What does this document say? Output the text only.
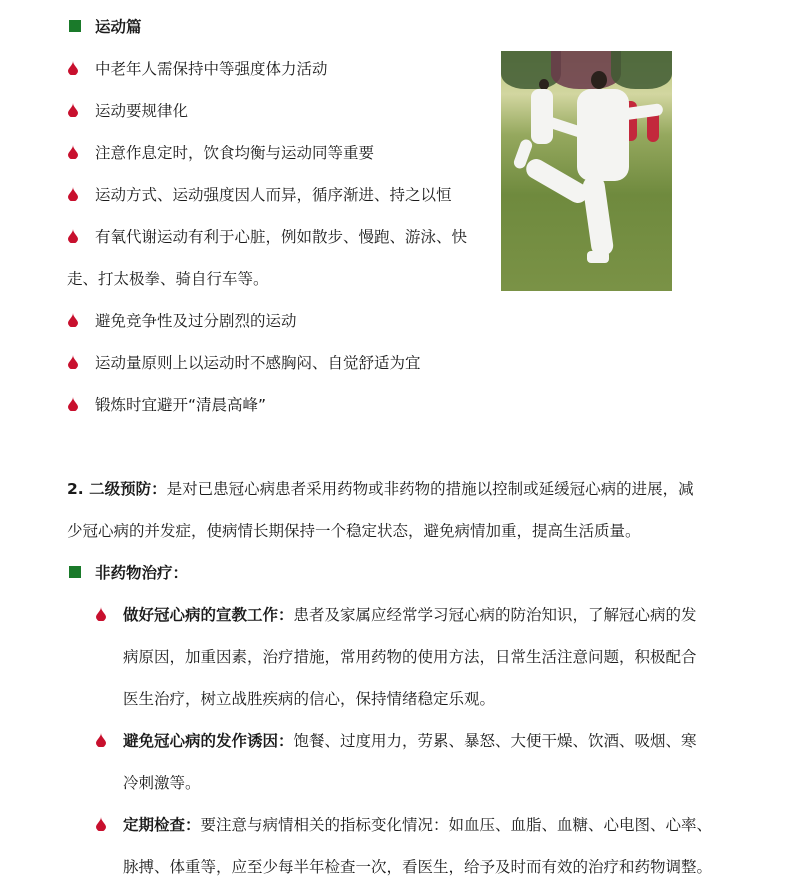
运动篇
中老年人需保持中等强度体力活动
运动要规律化
注意作息定时，饮食均衡与运动同等重要
运动方式、运动强度因人而异，循序渐进、持之以恒
有氧代谢运动有利于心脏，例如散步、慢跑、游泳、快
走、打太极拳、骑自行车等。
避免竞争性及过分剧烈的运动
运动量原则上以运动时不感胸闷、自觉舒适为宜
锻炼时宜避开“清晨高峰”
2. 二级预防：是对已患冠心病患者采用药物或非药物的措施以控制或延缓冠心病的进展，减
少冠心病的并发症，使病情长期保持一个稳定状态，避免病情加重，提高生活质量。
非药物治疗：
做好冠心病的宣教工作：患者及家属应经常学习冠心病的防治知识，了解冠心病的发
病原因，加重因素，治疗措施，常用药物的使用方法，日常生活注意问题，积极配合
医生治疗，树立战胜疾病的信心，保持情绪稳定乐观。
避免冠心病的发作诱因：饱餐、过度用力，劳累、暴怒、大便干燥、饮酒、吸烟、寒
冷刺激等。
定期检查：要注意与病情相关的指标变化情况：如血压、血脂、血糖、心电图、心率、
脉搏、体重等，应至少每半年检查一次，看医生，给予及时而有效的治疗和药物调整。
